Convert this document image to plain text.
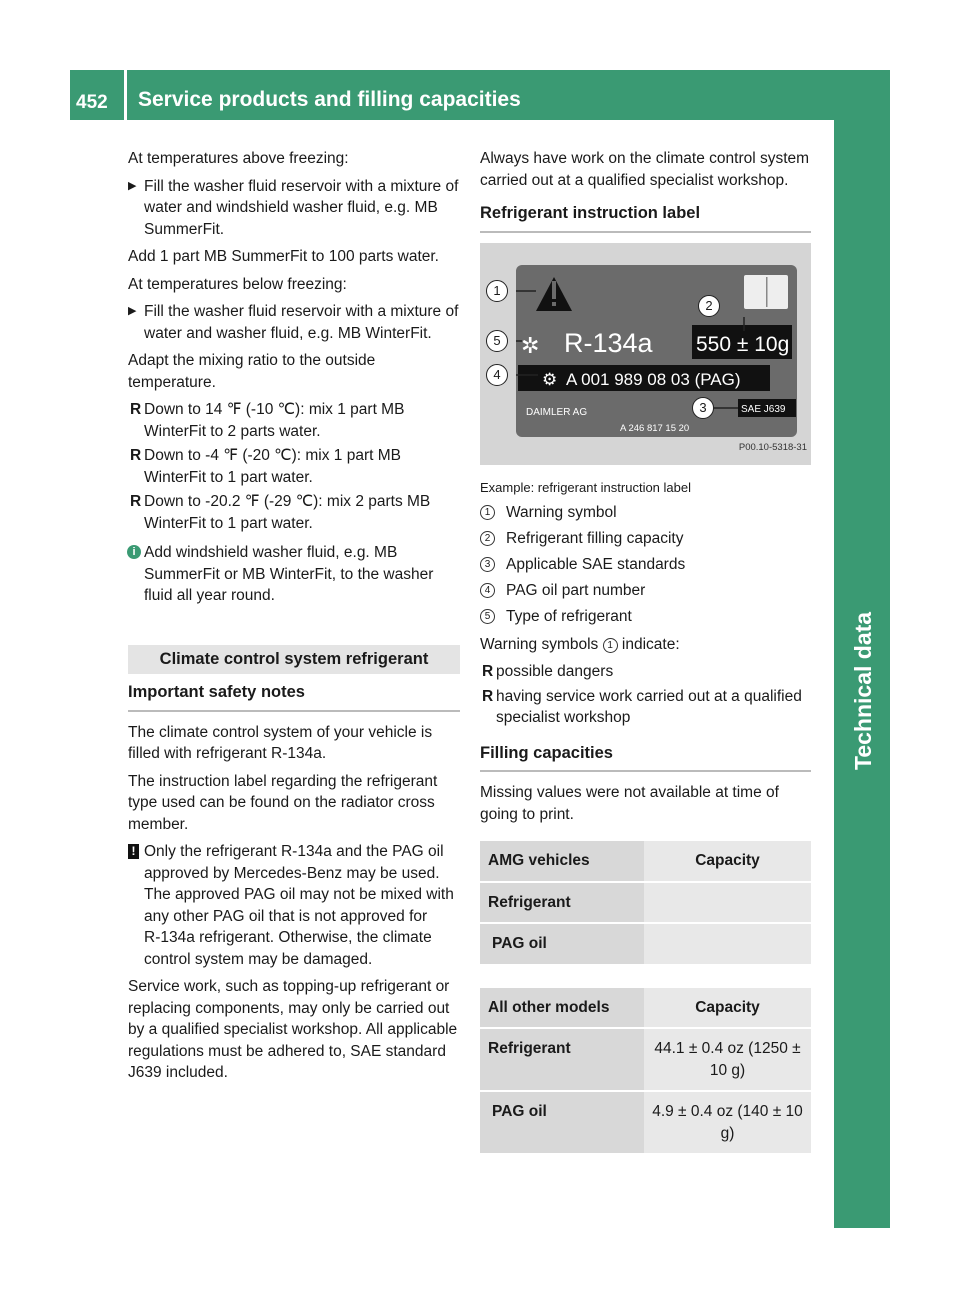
452 Service products and filling capacities
Technical data

At temperatures above freezing:

▶ Fill the washer fluid reservoir with a mixture of water and windshield washer fluid, e.g. MB SummerFit.

Add 1 part MB SummerFit to 100 parts water.

At temperatures below freezing:

▶ Fill the washer fluid reservoir with a mixture of water and washer fluid, e.g. MB WinterFit.

Adapt the mixing ratio to the outside temperature.

R Down to 14 ℉ (‑10 ℃): mix 1 part MB WinterFit to 2 parts water.
R Down to ‑4 ℉ (‑20 ℃): mix 1 part MB WinterFit to 1 part water.
R Down to ‑20.2 ℉ (‑29 ℃): mix 2 parts MB WinterFit to 1 part water.
i Add windshield washer fluid, e.g. MB SummerFit or MB WinterFit, to the washer fluid all year round.
Climate control system refrigerant
Important safety notes

The climate control system of your vehicle is filled with refrigerant R‑134a.

The instruction label regarding the refrigerant type used can be found on the radiator cross member.

! Only the refrigerant R‑134a and the PAG oil approved by Mercedes‑Benz may be used. The approved PAG oil may not be mixed with any other PAG oil that is not approved for R‑134a refrigerant. Otherwise, the climate control system may be damaged.

Service work, such as topping‑up refrigerant or replacing components, may only be carried out by a qualified specialist workshop. All applicable regulations must be adhered to, SAE standard J639 included.

Always have work on the climate control system carried out at a qualified specialist workshop.

Refrigerant instruction label
✲ R-134a 550 ± 10g
⚙ A 001 989 08 03 (PAG)
DAIMLER AG	SAE J639
A 246 817 15 20
1
2
5
4
3
P00.10-5318-31
Example: refrigerant instruction label
1	Warning symbol
2	Refrigerant filling capacity
3	Applicable SAE standards
4	PAG oil part number
5	Type of refrigerant

Warning symbols 1 indicate:

R possible dangers
R having service work carried out at a qualified specialist workshop
Filling capacities

Missing values were not available at time of going to print.

AMG vehicles	Capacity
Refrigerant	
PAG oil	
All other models	Capacity
Refrigerant	44.1 ± 0.4 oz (1250 ± 10 g)
PAG oil	4.9 ± 0.4 oz (140 ± 10 g)
